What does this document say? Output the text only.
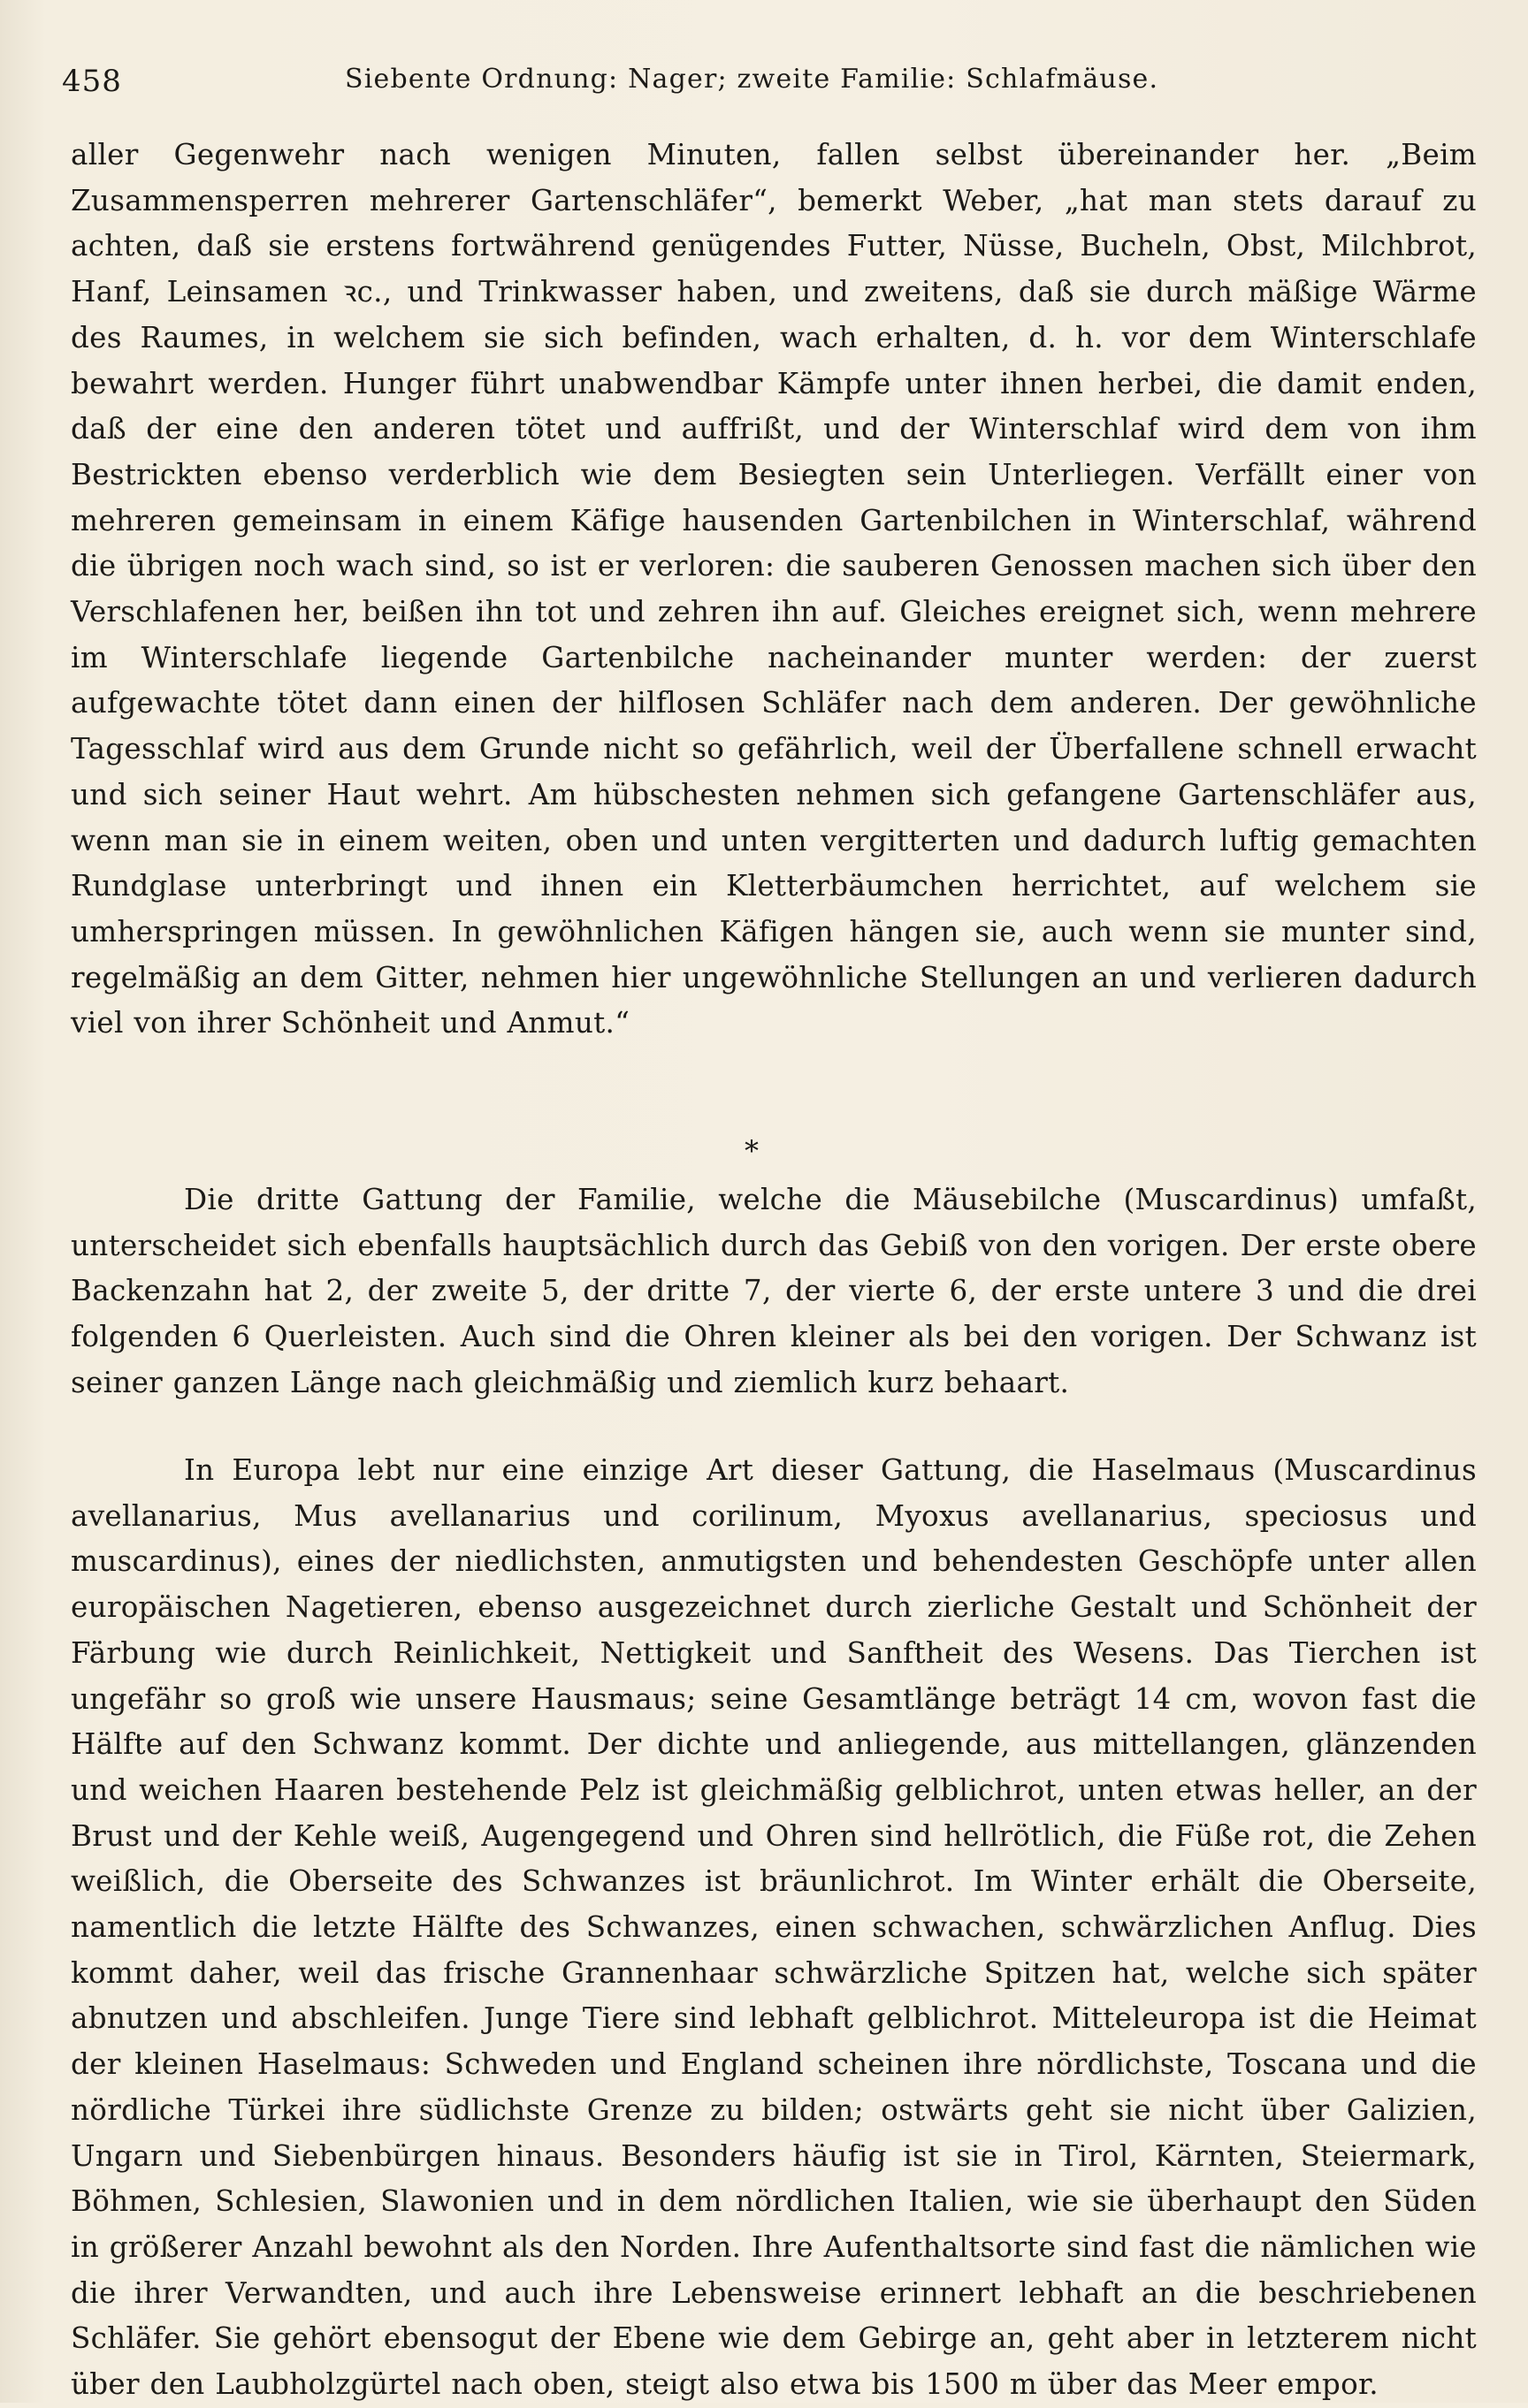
458	Siebente Ordnung: Nager; zweite Familie: Schlafmäuse.

aller Gegenwehr nach wenigen Minuten, fallen selbst übereinander her. „Beim Zusammensperren mehrerer Gartenschläfer“, bemerkt Weber, „hat man stets darauf zu achten, daß sie erstens fortwährend genügendes Futter, Nüsse, Bucheln, Obst, Milchbrot, Hanf, Leinsamen ꝛc., und Trinkwasser haben, und zweitens, daß sie durch mäßige Wärme des Raumes, in welchem sie sich befinden, wach erhalten, d. h. vor dem Winterschlafe bewahrt werden. Hunger führt unabwendbar Kämpfe unter ihnen herbei, die damit enden, daß der eine den anderen tötet und auffrißt, und der Winterschlaf wird dem von ihm Bestrickten ebenso verderblich wie dem Besiegten sein Unterliegen. Verfällt einer von mehreren gemeinsam in einem Käfige hausenden Gartenbilchen in Winterschlaf, während die übrigen noch wach sind, so ist er verloren: die sauberen Genossen machen sich über den Verschlafenen her, beißen ihn tot und zehren ihn auf. Gleiches ereignet sich, wenn mehrere im Winterschlafe liegende Gartenbilche nacheinander munter werden: der zuerst aufgewachte tötet dann einen der hilflosen Schläfer nach dem anderen. Der gewöhnliche Tagesschlaf wird aus dem Grunde nicht so gefährlich, weil der Überfallene schnell erwacht und sich seiner Haut wehrt. Am hübschesten nehmen sich gefangene Gartenschläfer aus, wenn man sie in einem weiten, oben und unten vergitterten und dadurch luftig gemachten Rundglase unterbringt und ihnen ein Kletterbäumchen herrichtet, auf welchem sie umherspringen müssen. In gewöhnlichen Käfigen hängen sie, auch wenn sie munter sind, regelmäßig an dem Gitter, nehmen hier ungewöhnliche Stellungen an und verlieren dadurch viel von ihrer Schönheit und Anmut.“

*

Die dritte Gattung der Familie, welche die Mäusebilche (Muscardinus) umfaßt, unterscheidet sich ebenfalls hauptsächlich durch das Gebiß von den vorigen. Der erste obere Backenzahn hat 2, der zweite 5, der dritte 7, der vierte 6, der erste untere 3 und die drei folgenden 6 Querleisten. Auch sind die Ohren kleiner als bei den vorigen. Der Schwanz ist seiner ganzen Länge nach gleichmäßig und ziemlich kurz behaart.

In Europa lebt nur eine einzige Art dieser Gattung, die Haselmaus (Muscardinus avellanarius, Mus avellanarius und corilinum, Myoxus avellanarius, speciosus und muscardinus), eines der niedlichsten, anmutigsten und behendesten Geschöpfe unter allen europäischen Nagetieren, ebenso ausgezeichnet durch zierliche Gestalt und Schönheit der Färbung wie durch Reinlichkeit, Nettigkeit und Sanftheit des Wesens. Das Tierchen ist ungefähr so groß wie unsere Hausmaus; seine Gesamtlänge beträgt 14 cm, wovon fast die Hälfte auf den Schwanz kommt. Der dichte und anliegende, aus mittellangen, glänzenden und weichen Haaren bestehende Pelz ist gleichmäßig gelblichrot, unten etwas heller, an der Brust und der Kehle weiß, Augengegend und Ohren sind hellrötlich, die Füße rot, die Zehen weißlich, die Oberseite des Schwanzes ist bräunlichrot. Im Winter erhält die Oberseite, namentlich die letzte Hälfte des Schwanzes, einen schwachen, schwärzlichen Anflug. Dies kommt daher, weil das frische Grannenhaar schwärzliche Spitzen hat, welche sich später abnutzen und abschleifen. Junge Tiere sind lebhaft gelblichrot. Mitteleuropa ist die Heimat der kleinen Haselmaus: Schweden und England scheinen ihre nördlichste, Toscana und die nördliche Türkei ihre südlichste Grenze zu bilden; ostwärts geht sie nicht über Galizien, Ungarn und Siebenbürgen hinaus. Besonders häufig ist sie in Tirol, Kärnten, Steiermark, Böhmen, Schlesien, Slawonien und in dem nördlichen Italien, wie sie überhaupt den Süden in größerer Anzahl bewohnt als den Norden. Ihre Aufenthaltsorte sind fast die nämlichen wie die ihrer Verwandten, und auch ihre Lebensweise erinnert lebhaft an die beschriebenen Schläfer. Sie gehört ebensogut der Ebene wie dem Gebirge an, geht aber in letzterem nicht über den Laubholzgürtel nach oben, steigt also etwa bis 1500 m über das Meer empor.
